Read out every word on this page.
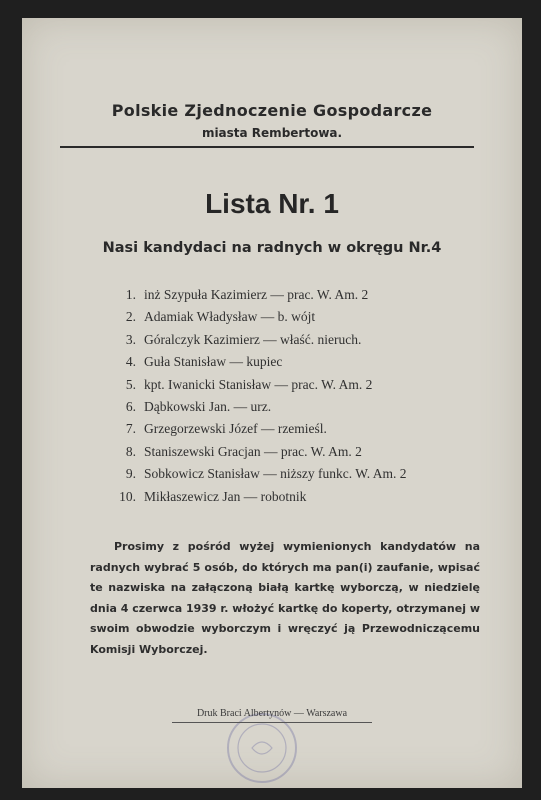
Polskie Zjednoczenie Gospodarcze
miasta Rembertowa.
Lista Nr. 1
Nasi kandydaci na radnych w okręgu Nr.4
1. inż Szypuła Kazimierz — prac. W. Am. 2
2. Adamiak Władysław — b. wójt
3. Góralczyk Kazimierz — właść. nieruch.
4. Guła Stanisław — kupiec
5. kpt. Iwanicki Stanisław — prac. W. Am. 2
6. Dąbkowski Jan. — urz.
7. Grzegorzewski Józef — rzemieśl.
8. Staniszewski Gracjan — prac. W. Am. 2
9. Sobkowicz Stanisław — niższy funkc. W. Am. 2
10. Mikłaszewicz Jan — robotnik
Prosimy z pośród wyżej wymienionych kandydatów na radnych wybrać 5 osób, do których ma pan(i) zaufanie, wpisać te nazwiska na załączoną białą kartkę wyborczą, w niedzielę dnia 4 czerwca 1939 r. włożyć kartkę do koperty, otrzymanej w swoim obwodzie wyborczym i wręczyć ją Przewodniczącemu Komisji Wyborczej.
Druk Braci Albertynów — Warszawa
